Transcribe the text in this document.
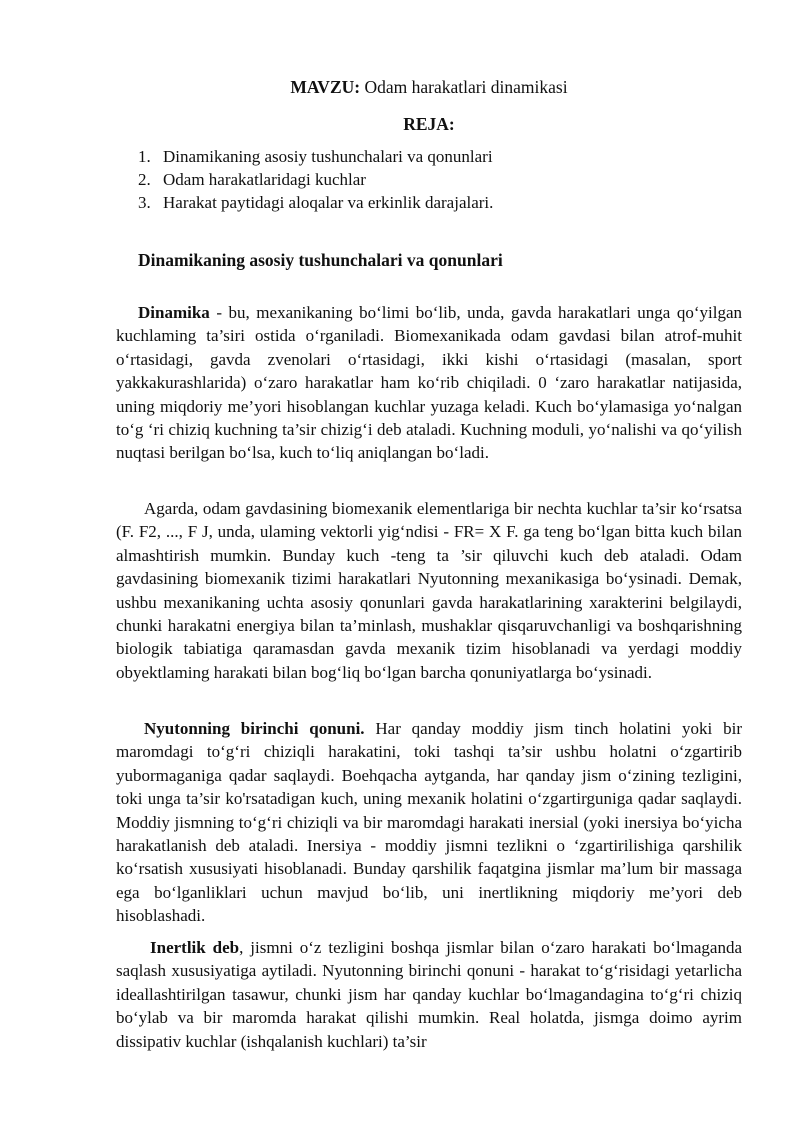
MAVZU: Odam harakatlari dinamikasi
REJA:
1. Dinamikaning asosiy tushunchalari va qonunlari
2. Odam harakatlaridagi kuchlar
3. Harakat paytidagi aloqalar va erkinlik darajalari.
Dinamikaning asosiy tushunchalari va qonunlari

Dinamika - bu, mexanikaning bo‘limi bo‘lib, unda, gavda harakatlari unga qo‘yilgan kuchlaming ta’siri ostida o‘rganiladi. Biomexanikada odam gavdasi bilan atrof-muhit o‘rtasidagi, gavda zvenolari o‘rtasidagi, ikki kishi o‘rtasidagi (masalan, sport yakkakurashlarida) o‘zaro harakatlar ham ko‘rib chiqiladi. 0 ‘zaro harakatlar natijasida, uning miqdoriy me’yori hisoblangan kuchlar yuzaga keladi. Kuch bo‘ylamasiga yo‘nalgan to‘g ‘ri chiziq kuchning ta’sir chizig‘i deb ataladi. Kuchning moduli, yo‘nalishi va qo‘yilish nuqtasi berilgan bo‘lsa, kuch to‘liq aniqlangan bo‘ladi.

Agarda, odam gavdasining biomexanik elementlariga bir nechta kuchlar ta’sir ko‘rsatsa (F. F2, ..., F J, unda, ulaming vektorli yig‘ndisi - FR= X F. ga teng bo‘lgan bitta kuch bilan almashtirish mumkin. Bunday kuch -teng ta ’sir qiluvchi kuch deb ataladi. Odam gavdasining biomexanik tizimi harakatlari Nyutonning mexanikasiga bo‘ysinadi. Demak, ushbu mexanikaning uchta asosiy qonunlari gavda harakatlarining xarakterini belgilaydi, chunki harakatni energiya bilan ta’minlash, mushaklar qisqaruvchanligi va boshqarishning biologik tabiatiga qaramasdan gavda mexanik tizim hisoblanadi va yerdagi moddiy obyektlaming harakati bilan bog‘liq bo‘lgan barcha qonuniyatlarga bo‘ysinadi.

Nyutonning birinchi qonuni. Har qanday moddiy jism tinch holatini yoki bir maromdagi to‘g‘ri chiziqli harakatini, toki tashqi ta’sir ushbu holatni o‘zgartirib yubormaganiga qadar saqlaydi. Boehqacha aytganda, har qanday jism o‘zining tezligini, toki unga ta’sir ko'rsatadigan kuch, uning mexanik holatini o‘zgartirguniga qadar saqlaydi. Moddiy jismning to‘g‘ri chiziqli va bir maromdagi harakati inersial (yoki inersiya bo‘yicha harakatlanish deb ataladi. Inersiya - moddiy jismni tezlikni o ‘zgartirilishiga qarshilik ko‘rsatish xususiyati hisoblanadi. Bunday qarshilik faqatgina jismlar ma’lum bir massaga ega bo‘lganliklari uchun mavjud bo‘lib, uni inertlikning miqdoriy me’yori deb hisoblashadi.

Inertlik deb, jismni o‘z tezligini boshqa jismlar bilan o‘zaro harakati bo‘lmaganda saqlash xususiyatiga aytiladi. Nyutonning birinchi qonuni - harakat to‘g‘risidagi yetarlicha ideallashtirilgan tasawur, chunki jism har qanday kuchlar bo‘lmagandagina to‘g‘ri chiziq bo‘ylab va bir maromda harakat qilishi mumkin. Real holatda, jismga doimo ayrim dissipativ kuchlar (ishqalanish kuchlari) ta’sir
